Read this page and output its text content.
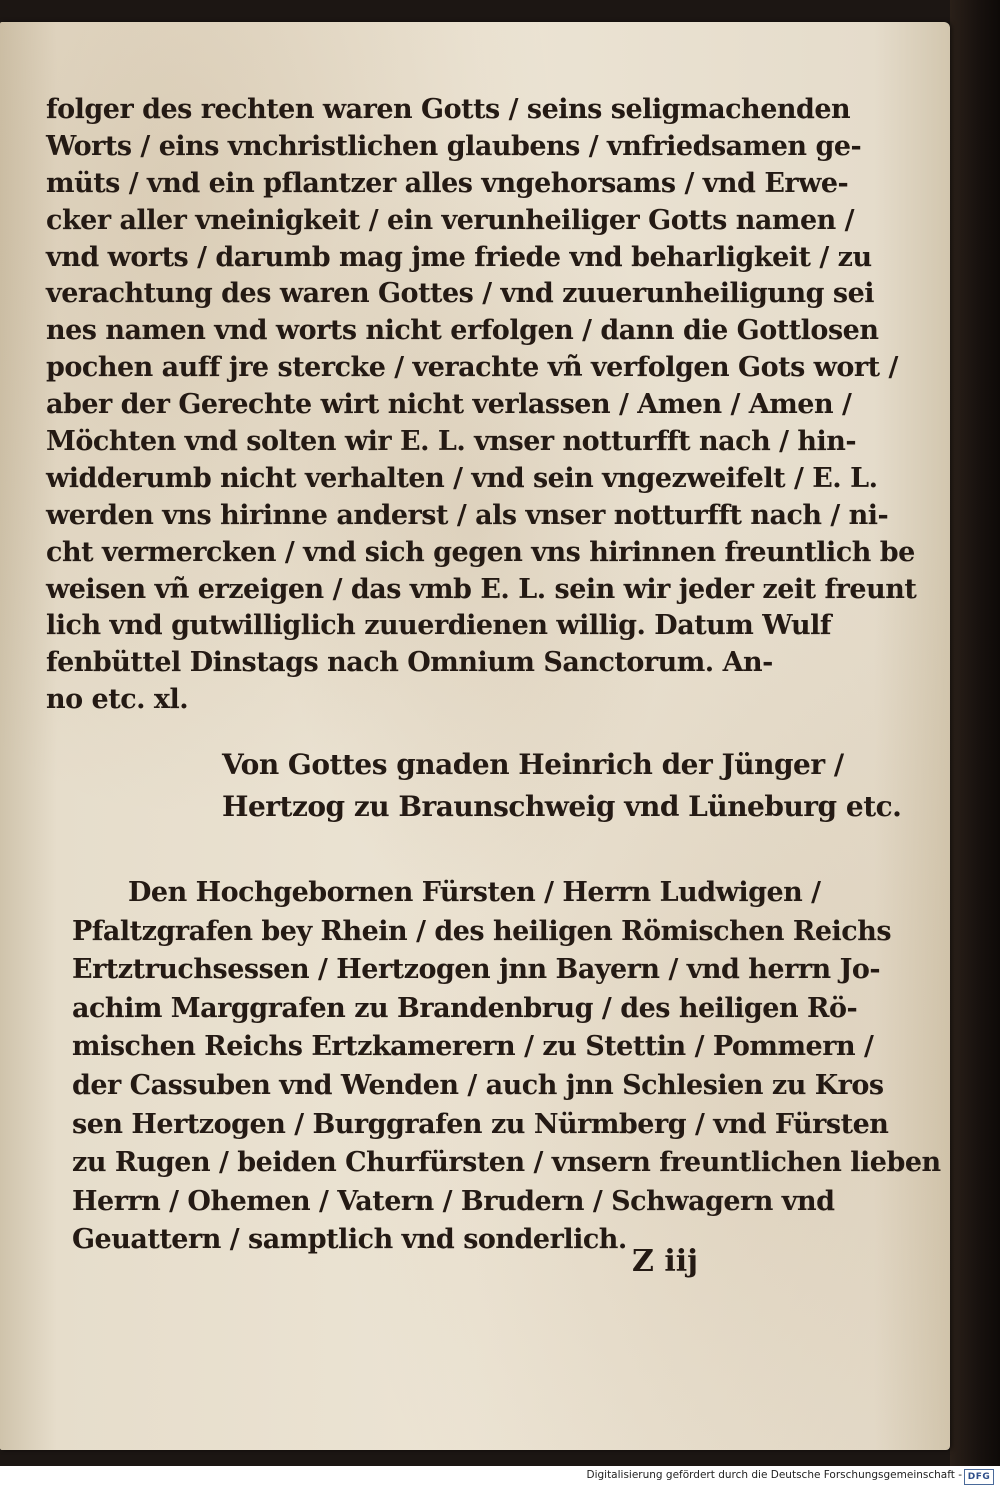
folger des rechten waren Gotts / seins seligmachenden
Worts / eins vnchristlichen glaubens / vnfriedsamen ge-
müts / vnd ein pflantzer alles vngehorsams / vnd Erwe-
cker aller vneinigkeit / ein verunheiliger Gotts namen /
vnd worts / darumb mag jme friede vnd beharligkeit / zu
verachtung des waren Gottes / vnd zuuerunheiligung sei
nes namen vnd worts nicht erfolgen / dann die Gottlosen
pochen auff jre stercke / verachte vñ verfolgen Gots wort /
aber der Gerechte wirt nicht verlassen / Amen / Amen /
Möchten vnd solten wir E. L. vnser notturfft nach / hin-
widderumb nicht verhalten / vnd sein vngezweifelt / E. L.
werden vns hirinne anderst / als vnser notturfft nach / ni-
cht vermercken / vnd sich gegen vns hirinnen freuntlich be
weisen vñ erzeigen / das vmb E. L. sein wir jeder zeit freunt
lich vnd gutwilliglich zuuerdienen willig. Datum Wulf
fenbüttel Dinstags nach Omnium Sanctorum. An-
no etc. xl.
Von Gottes gnaden Heinrich der Jünger /
Hertzog zu Braunschweig vnd Lüneburg etc.
Den Hochgebornen Fürsten / Herrn Ludwigen /
Pfaltzgrafen bey Rhein / des heiligen Römischen Reichs
Ertztruchsessen / Hertzogen jnn Bayern / vnd herrn Jo-
achim Marggrafen zu Brandenbrug / des heiligen Rö-
mischen Reichs Ertzkamerern / zu Stettin / Pommern /
der Cassuben vnd Wenden / auch jnn Schlesien zu Kros
sen Hertzogen / Burggrafen zu Nürmberg / vnd Fürsten
zu Rugen / beiden Churfürsten / vnsern freuntlichen lieben
Herrn / Ohemen / Vatern / Brudern / Schwagern vnd
Geuattern / samptlich vnd sonderlich.
Z iij
Digitalisierung gefördert durch die Deutsche Forschungsgemeinschaft - DFG
